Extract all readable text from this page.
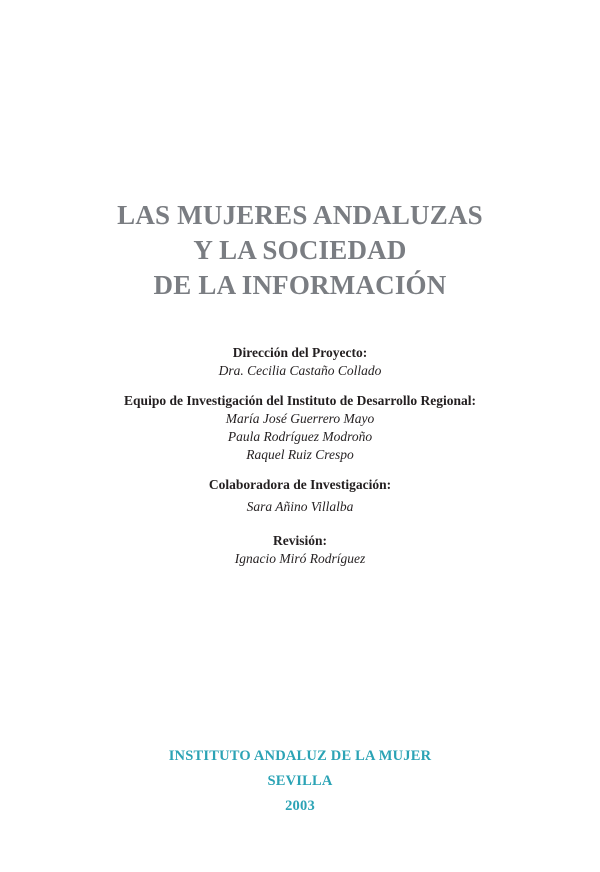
LAS MUJERES ANDALUZAS
Y LA SOCIEDAD
DE LA INFORMACIÓN
Dirección del Proyecto:
Dra. Cecilia Castaño Collado
Equipo de Investigación del Instituto de Desarrollo Regional:
María José Guerrero Mayo
Paula Rodríguez Modroño
Raquel Ruiz Crespo
Colaboradora de Investigación:
Sara Añino Villalba
Revisión:
Ignacio Miró Rodríguez
INSTITUTO ANDALUZ DE LA MUJER
SEVILLA
2003
